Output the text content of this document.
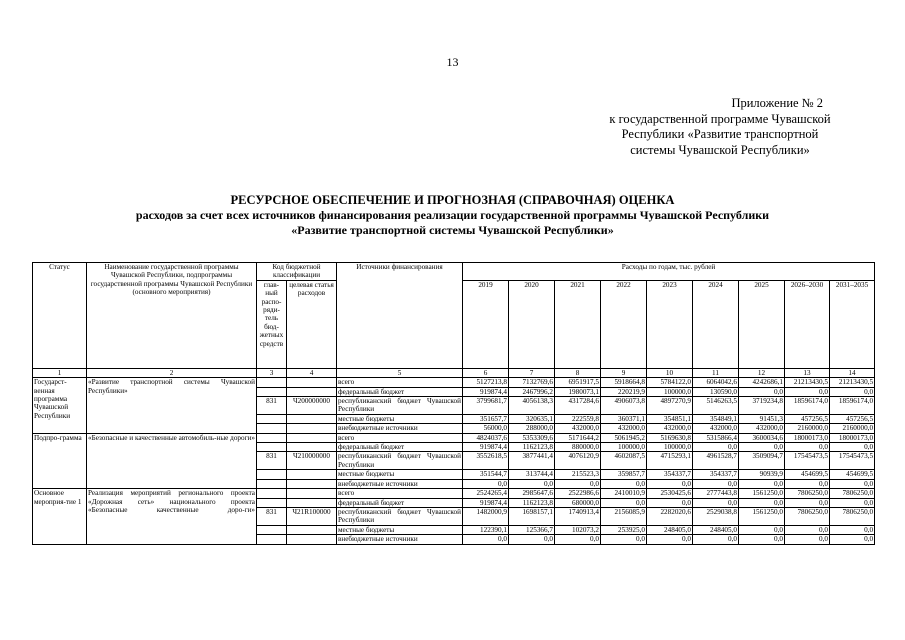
13
Приложение № 2
к государственной программе Чувашской
Республики «Развитие транспортной
системы Чувашской Республики»
РЕСУРСНОЕ ОБЕСПЕЧЕНИЕ И ПРОГНОЗНАЯ (СПРАВОЧНАЯ) ОЦЕНКА
расходов за счет всех источников финансирования реализации государственной программы Чувашской Республики
«Развитие транспортной системы Чувашской Республики»
Статус	Наименование государственной программы Чувашской Республики, подпрограммы государственной программы Чувашской Республики (основного мероприятия)	Код бюджетной классификации		Источники финансирования	Расходы по годам, тыс. рублей								
		глав-ный распо-ряди-тель бюд-жетных средств	целевая статья расходов		2019	2020	2021	2022	2023	2024	2025	2026–2030	2031–2035
1	2	3	4	5	6	7	8	9	10	11	12	13	14
Государст-венная программа Чувашской Республики	«Развитие транспортной системы Чувашской Республики»			всего	5127213,8	7132769,6	6951917,5	5918664,8	5784122,0	6064042,6	4242686,1	21213430,5	21213430,5
				федеральный бюджет	919874,4	2467996,2	1980073,1	220219,9	100000,0	130590,0	0,0	0,0	0,0
		831	Ч200000000	республиканский бюджет Чувашской Республики	3799681,7	4056138,3	4317284,6	4906073,8	4897270,9	5146263,5	3719234,8	18596174,0	18596174,0
				местные бюджеты	351657,7	320635,1	222559,8	360371,1	354851,1	354849,1	91451,3	457256,5	457256,5
				внебюджетные источники	56000,0	288000,0	432000,0	432000,0	432000,0	432000,0	432000,0	2160000,0	2160000,0
Подпро-грамма	«Безопасные и качественные автомобиль-ные дороги»			всего	4824037,6	5353309,6	5171644,2	5061945,2	5169630,8	5315866,4	3600034,6	18000173,0	18000173,0
				федеральный бюджет	919874,4	1162123,8	880000,0	100000,0	100000,0	0,0	0,0	0,0	0,0
		831	Ч210000000	республиканский бюджет Чувашской Республики	3552618,5	3877441,4	4076120,9	4602087,5	4715293,1	4961528,7	3509094,7	17545473,5	17545473,5
				местные бюджеты	351544,7	313744,4	215523,3	359857,7	354337,7	354337,7	90939,9	454699,5	454699,5
				внебюджетные источники	0,0	0,0	0,0	0,0	0,0	0,0	0,0	0,0	0,0
Основное мероприя-тие 1	Реализация мероприятий регионального проекта «Дорожная сеть» национального проекта «Безопасные качественные доро-ги»			всего	2524265,4	2985647,6	2522986,6	2410010,9	2530425,6	2777443,8	1561250,0	7806250,0	7806250,0
				федеральный бюджет	919874,4	1162123,8	680000,0	0,0	0,0	0,0	0,0	0,0	0,0
		831	Ч21R100000	республиканский бюджет Чувашской Республики	1482000,9	1698157,1	1740913,4	2156085,9	2282020,6	2529038,8	1561250,0	7806250,0	7806250,0
				местные бюджеты	122390,1	125366,7	102073,2	253925,0	248405,0	248405,0	0,0	0,0	0,0
				внебюджетные источники	0,0	0,0	0,0	0,0	0,0	0,0	0,0	0,0	0,0
